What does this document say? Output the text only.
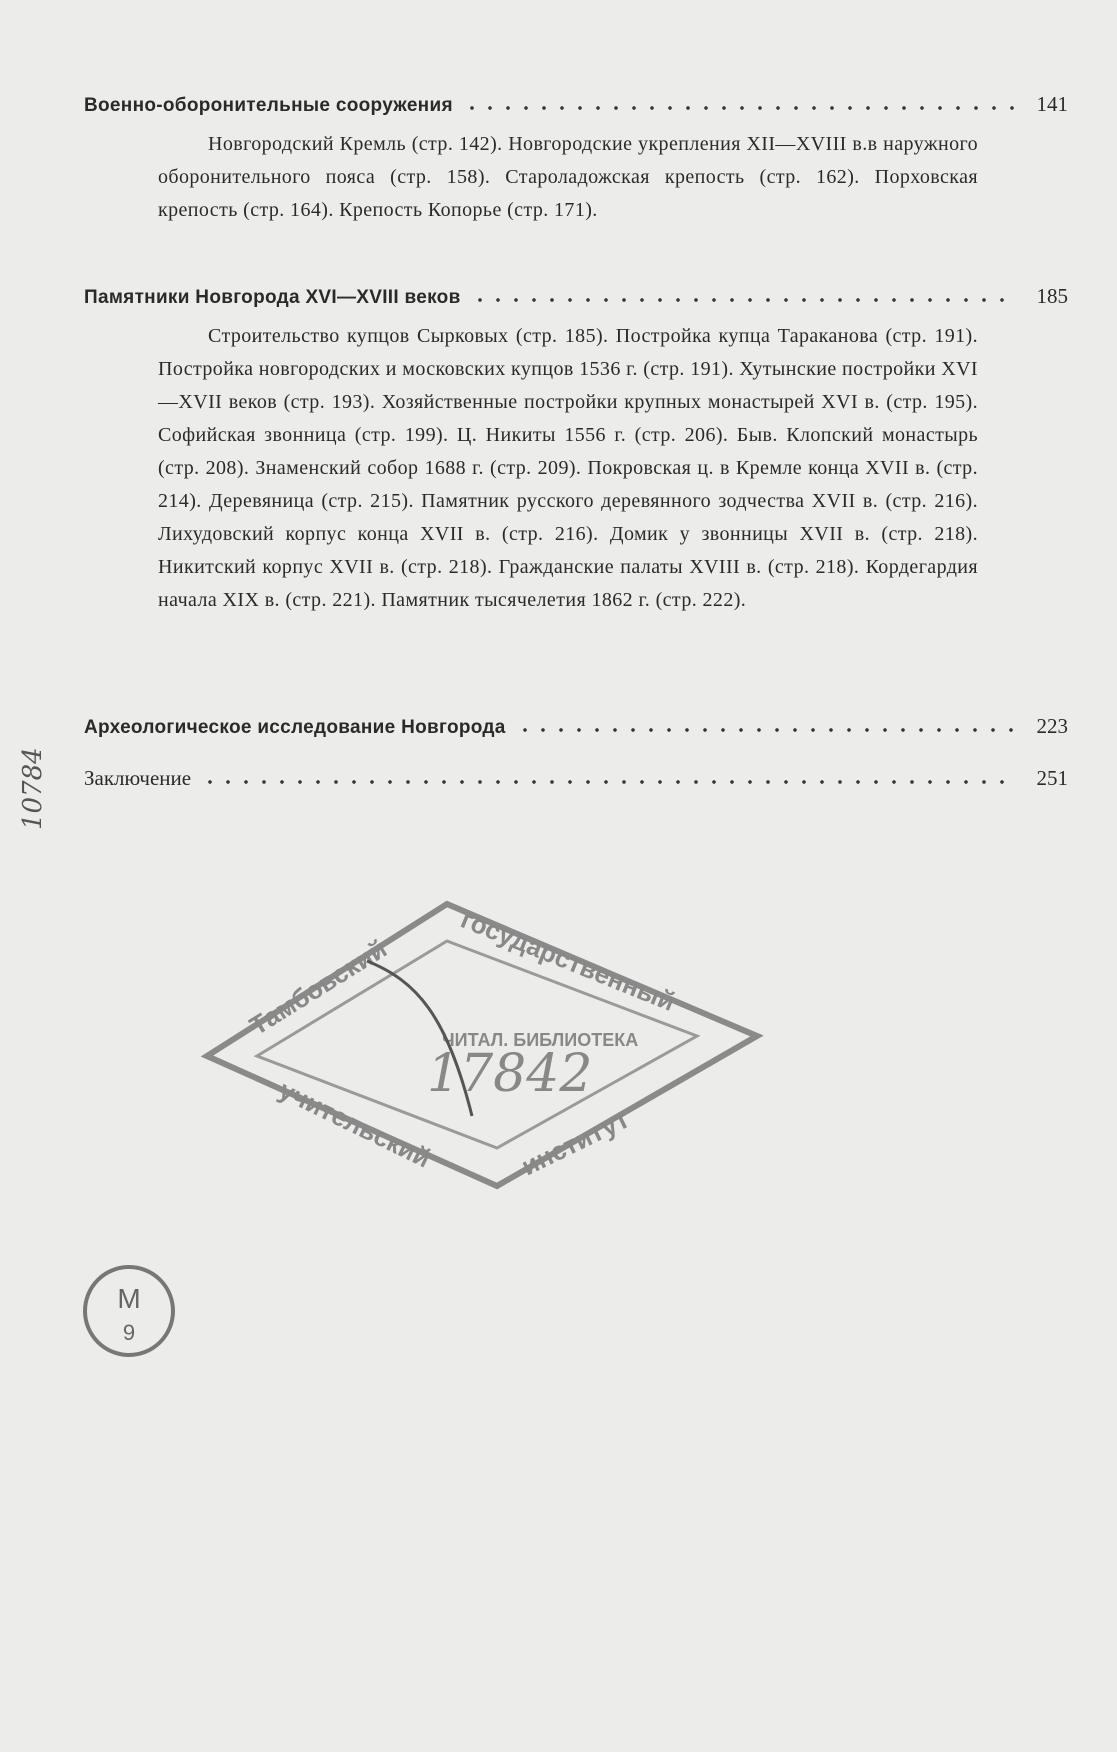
Военно-оборонительные сооружения	141
Новгородский Кремль (стр. 142). Новгородские укрепления XII—XVIII в.в наружного оборонительного пояса (стр. 158). Староладожская крепость (стр. 162). Порховская крепость (стр. 164). Крепость Копорье (стр. 171).
Памятники Новгорода XVI—XVIII веков	185
Строительство купцов Сырковых (стр. 185). Постройка купца Тараканова (стр. 191). Постройка новгородских и московских купцов 1536 г. (стр. 191). Хутынские постройки XVI—XVII веков (стр. 193). Хозяйственные постройки крупных монастырей XVI в. (стр. 195). Софийская звонница (стр. 199). Ц. Никиты 1556 г. (стр. 206). Быв. Клопский монастырь (стр. 208). Знаменский собор 1688 г. (стр. 209). Покровская ц. в Кремле конца XVII в. (стр. 214). Деревяница (стр. 215). Памятник русского деревянного зодчества XVII в. (стр. 216). Лихудовский корпус конца XVII в. (стр. 216). Домик у звонницы XVII в. (стр. 218). Никитский корпус XVII в. (стр. 218). Гражданские палаты XVIII в. (стр. 218). Кордегардия начала XIX в. (стр. 221). Памятник тысячелетия 1862 г. (стр. 222).
Археологическое исследование Новгорода	223
Заключение	251
10784
Тамбовский государственный
учительский	институт
ЧИТАЛ. БИБЛИОТЕКА
17842
М
9
